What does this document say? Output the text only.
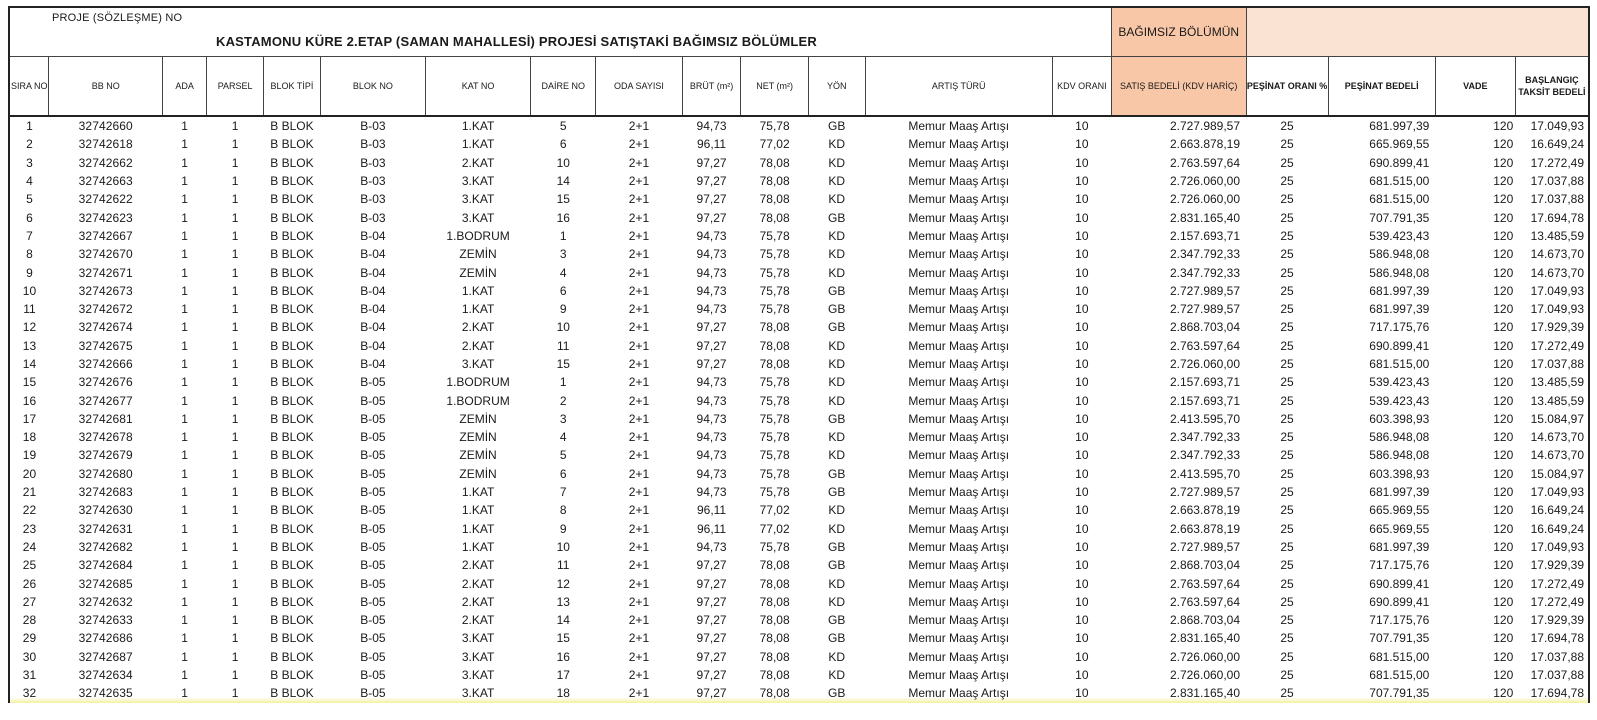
PROJE (SÖZLEŞME) NO
KASTAMONU KÜRE 2.ETAP (SAMAN MAHALLESİ) PROJESİ SATIŞTAKİ BAĞIMSIZ BÖLÜMLER														BAĞIMSIZ BÖLÜMÜN				
SIRA NO	BB NO	ADA	PARSEL	BLOK TİPİ	BLOK NO	KAT NO	DAİRE NO	ODA SAYISI	BRÜT (m²)	NET (m²)	YÖN	ARTIŞ TÜRÜ	KDV ORANI	SATIŞ BEDELİ (KDV HARİÇ)	PEŞİNAT ORANI %	PEŞİNAT BEDELİ	VADE	BAŞLANGIÇ TAKSİT BEDELİ
1	32742660	1	1	B BLOK	B-03	1.KAT	5	2+1	94,73	75,78	GB	Memur Maaş Artışı	10	2.727.989,57	25	681.997,39	120	17.049,93
2	32742618	1	1	B BLOK	B-03	1.KAT	6	2+1	96,11	77,02	KD	Memur Maaş Artışı	10	2.663.878,19	25	665.969,55	120	16.649,24
3	32742662	1	1	B BLOK	B-03	2.KAT	10	2+1	97,27	78,08	KD	Memur Maaş Artışı	10	2.763.597,64	25	690.899,41	120	17.272,49
4	32742663	1	1	B BLOK	B-03	3.KAT	14	2+1	97,27	78,08	KD	Memur Maaş Artışı	10	2.726.060,00	25	681.515,00	120	17.037,88
5	32742622	1	1	B BLOK	B-03	3.KAT	15	2+1	97,27	78,08	KD	Memur Maaş Artışı	10	2.726.060,00	25	681.515,00	120	17.037,88
6	32742623	1	1	B BLOK	B-03	3.KAT	16	2+1	97,27	78,08	GB	Memur Maaş Artışı	10	2.831.165,40	25	707.791,35	120	17.694,78
7	32742667	1	1	B BLOK	B-04	1.BODRUM	1	2+1	94,73	75,78	KD	Memur Maaş Artışı	10	2.157.693,71	25	539.423,43	120	13.485,59
8	32742670	1	1	B BLOK	B-04	ZEMİN	3	2+1	94,73	75,78	KD	Memur Maaş Artışı	10	2.347.792,33	25	586.948,08	120	14.673,70
9	32742671	1	1	B BLOK	B-04	ZEMİN	4	2+1	94,73	75,78	KD	Memur Maaş Artışı	10	2.347.792,33	25	586.948,08	120	14.673,70
10	32742673	1	1	B BLOK	B-04	1.KAT	6	2+1	94,73	75,78	GB	Memur Maaş Artışı	10	2.727.989,57	25	681.997,39	120	17.049,93
11	32742672	1	1	B BLOK	B-04	1.KAT	9	2+1	94,73	75,78	GB	Memur Maaş Artışı	10	2.727.989,57	25	681.997,39	120	17.049,93
12	32742674	1	1	B BLOK	B-04	2.KAT	10	2+1	97,27	78,08	GB	Memur Maaş Artışı	10	2.868.703,04	25	717.175,76	120	17.929,39
13	32742675	1	1	B BLOK	B-04	2.KAT	11	2+1	97,27	78,08	KD	Memur Maaş Artışı	10	2.763.597,64	25	690.899,41	120	17.272,49
14	32742666	1	1	B BLOK	B-04	3.KAT	15	2+1	97,27	78,08	KD	Memur Maaş Artışı	10	2.726.060,00	25	681.515,00	120	17.037,88
15	32742676	1	1	B BLOK	B-05	1.BODRUM	1	2+1	94,73	75,78	KD	Memur Maaş Artışı	10	2.157.693,71	25	539.423,43	120	13.485,59
16	32742677	1	1	B BLOK	B-05	1.BODRUM	2	2+1	94,73	75,78	KD	Memur Maaş Artışı	10	2.157.693,71	25	539.423,43	120	13.485,59
17	32742681	1	1	B BLOK	B-05	ZEMİN	3	2+1	94,73	75,78	GB	Memur Maaş Artışı	10	2.413.595,70	25	603.398,93	120	15.084,97
18	32742678	1	1	B BLOK	B-05	ZEMİN	4	2+1	94,73	75,78	KD	Memur Maaş Artışı	10	2.347.792,33	25	586.948,08	120	14.673,70
19	32742679	1	1	B BLOK	B-05	ZEMİN	5	2+1	94,73	75,78	KD	Memur Maaş Artışı	10	2.347.792,33	25	586.948,08	120	14.673,70
20	32742680	1	1	B BLOK	B-05	ZEMİN	6	2+1	94,73	75,78	GB	Memur Maaş Artışı	10	2.413.595,70	25	603.398,93	120	15.084,97
21	32742683	1	1	B BLOK	B-05	1.KAT	7	2+1	94,73	75,78	GB	Memur Maaş Artışı	10	2.727.989,57	25	681.997,39	120	17.049,93
22	32742630	1	1	B BLOK	B-05	1.KAT	8	2+1	96,11	77,02	KD	Memur Maaş Artışı	10	2.663.878,19	25	665.969,55	120	16.649,24
23	32742631	1	1	B BLOK	B-05	1.KAT	9	2+1	96,11	77,02	KD	Memur Maaş Artışı	10	2.663.878,19	25	665.969,55	120	16.649,24
24	32742682	1	1	B BLOK	B-05	1.KAT	10	2+1	94,73	75,78	GB	Memur Maaş Artışı	10	2.727.989,57	25	681.997,39	120	17.049,93
25	32742684	1	1	B BLOK	B-05	2.KAT	11	2+1	97,27	78,08	GB	Memur Maaş Artışı	10	2.868.703,04	25	717.175,76	120	17.929,39
26	32742685	1	1	B BLOK	B-05	2.KAT	12	2+1	97,27	78,08	KD	Memur Maaş Artışı	10	2.763.597,64	25	690.899,41	120	17.272,49
27	32742632	1	1	B BLOK	B-05	2.KAT	13	2+1	97,27	78,08	KD	Memur Maaş Artışı	10	2.763.597,64	25	690.899,41	120	17.272,49
28	32742633	1	1	B BLOK	B-05	2.KAT	14	2+1	97,27	78,08	GB	Memur Maaş Artışı	10	2.868.703,04	25	717.175,76	120	17.929,39
29	32742686	1	1	B BLOK	B-05	3.KAT	15	2+1	97,27	78,08	GB	Memur Maaş Artışı	10	2.831.165,40	25	707.791,35	120	17.694,78
30	32742687	1	1	B BLOK	B-05	3.KAT	16	2+1	97,27	78,08	KD	Memur Maaş Artışı	10	2.726.060,00	25	681.515,00	120	17.037,88
31	32742634	1	1	B BLOK	B-05	3.KAT	17	2+1	97,27	78,08	KD	Memur Maaş Artışı	10	2.726.060,00	25	681.515,00	120	17.037,88
32	32742635	1	1	B BLOK	B-05	3.KAT	18	2+1	97,27	78,08	GB	Memur Maaş Artışı	10	2.831.165,40	25	707.791,35	120	17.694,78
